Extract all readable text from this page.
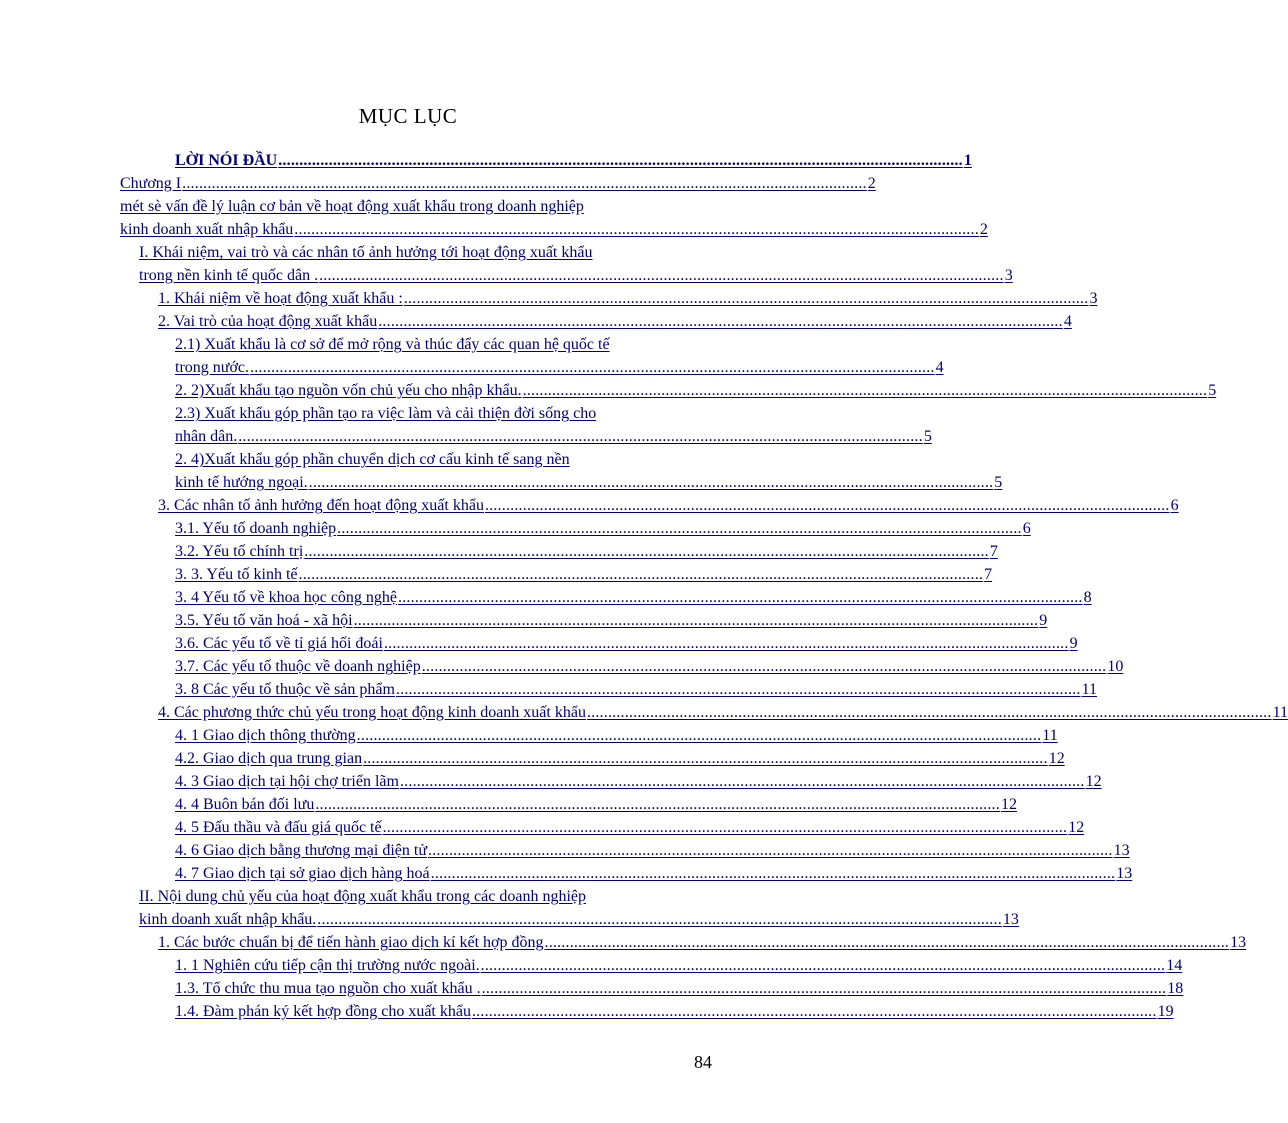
MỤC LỤC
LỜI NÓI ĐẦU ................................................................................................................................................................... 1
Chương I ................................................................................................................................................................... 2
mét sè vấn đề lý luận cơ bản về hoạt động xuất khẩu trong doanh nghiệp
kinh doanh xuất nhập khẩu ................................................................................................................................................................... 2
I. Khái niệm, vai trò và các nhân tố ảnh hưởng tới hoạt động xuất khẩu
trong nền kinh tế quốc dân . ................................................................................................................................................................... 3
1. Khái niệm về hoạt động xuất khẩu : ................................................................................................................................................................... 3
2. Vai trò của hoạt động xuất khẩu ................................................................................................................................................................... 4
2.1) Xuất khẩu là cơ sở để mở rộng và thúc đẩy các quan hệ quốc tế
trong nước. ................................................................................................................................................................... 4
2. 2)Xuất khẩu tạo nguồn vốn chủ yếu cho nhập khẩu. ................................................................................................................................................................... 5
2.3) Xuất khẩu góp phần tạo ra việc làm và cải thiện đời sống cho
nhân dân. ................................................................................................................................................................... 5
2. 4)Xuất khẩu góp phần chuyển dịch cơ cấu kinh tế sang nền
kinh tế hướng ngoại. ................................................................................................................................................................... 5
3. Các nhân tố ảnh hưởng đến hoạt động xuất khẩu ................................................................................................................................................................... 6
3.1. Yếu tố doanh nghiệp ................................................................................................................................................................... 6
3.2. Yếu tố chính trị ................................................................................................................................................................... 7
3. 3. Yếu tố kinh tế ................................................................................................................................................................... 7
3. 4 Yếu tố về khoa học công nghệ ................................................................................................................................................................... 8
3.5. Yếu tố văn hoá - xã hội ................................................................................................................................................................... 9
3.6. Các yếu tố về tỉ giá hối đoái ................................................................................................................................................................... 9
3.7. Các yếu tố thuộc về doanh nghiệp ................................................................................................................................................................... 10
3. 8 Các yếu tố thuộc về sản phẩm ................................................................................................................................................................... 11
4. Các phương thức chủ yếu trong hoạt động kinh doanh xuất khẩu ................................................................................................................................................................... 11
4. 1 Giao dịch thông thường ................................................................................................................................................................... 11
4.2. Giao dịch qua trung gian ................................................................................................................................................................... 12
4. 3 Giao dịch tại hội chợ triển lãm ................................................................................................................................................................... 12
4. 4 Buôn bán đối lưu ................................................................................................................................................................... 12
4. 5 Đấu thầu và đấu giá quốc tế ................................................................................................................................................................... 12
4. 6 Giao dịch bằng thương mại điện tử ................................................................................................................................................................... 13
4. 7 Giao dịch tại sở giao dịch hàng hoá ................................................................................................................................................................... 13
II. Nội dung chủ yếu của hoạt động xuất khẩu trong các doanh nghiệp
kinh doanh xuất nhập khẩu. ................................................................................................................................................................... 13
1. Các bước chuẩn bị để tiến hành giao dịch kí kết hợp đồng ................................................................................................................................................................... 13
1. 1 Nghiên cứu tiếp cận thị trường nước ngoài. ................................................................................................................................................................... 14
1.3. Tổ chức thu mua tạo nguồn cho xuất khẩu . ................................................................................................................................................................... 18
1.4. Đàm phán ký kết hợp đồng cho xuất khẩu ................................................................................................................................................................... 19
84
